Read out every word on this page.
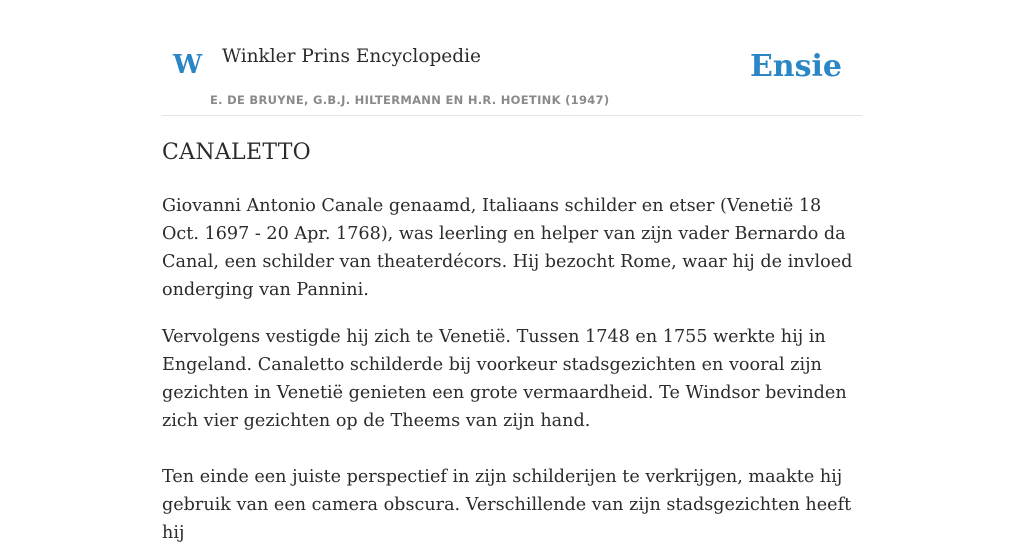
W Winkler Prins Encyclopedie
E. DE BRUYNE, G.B.J. HILTERMANN EN H.R. HOETINK (1947)
Ensie
CANALETTO

Giovanni Antonio Canale genaamd, Italiaans schilder en etser (Venetië 18 Oct. 1697 - 20 Apr. 1768), was leerling en helper van zijn vader Bernardo da Canal, een schilder van theaterdécors. Hij bezocht Rome, waar hij de invloed onderging van Pannini.

Vervolgens vestigde hij zich te Venetië. Tussen 1748 en 1755 werkte hij in Engeland. Canaletto schilderde bij voorkeur stadsgezichten en vooral zijn gezichten in Venetië genieten een grote vermaardheid. Te Windsor bevinden zich vier gezichten op de Theems van zijn hand.

Ten einde een juiste perspectief in zijn schilderijen te verkrijgen, maakte hij gebruik van een camera obscura. Verschillende van zijn stadsgezichten heeft hij
